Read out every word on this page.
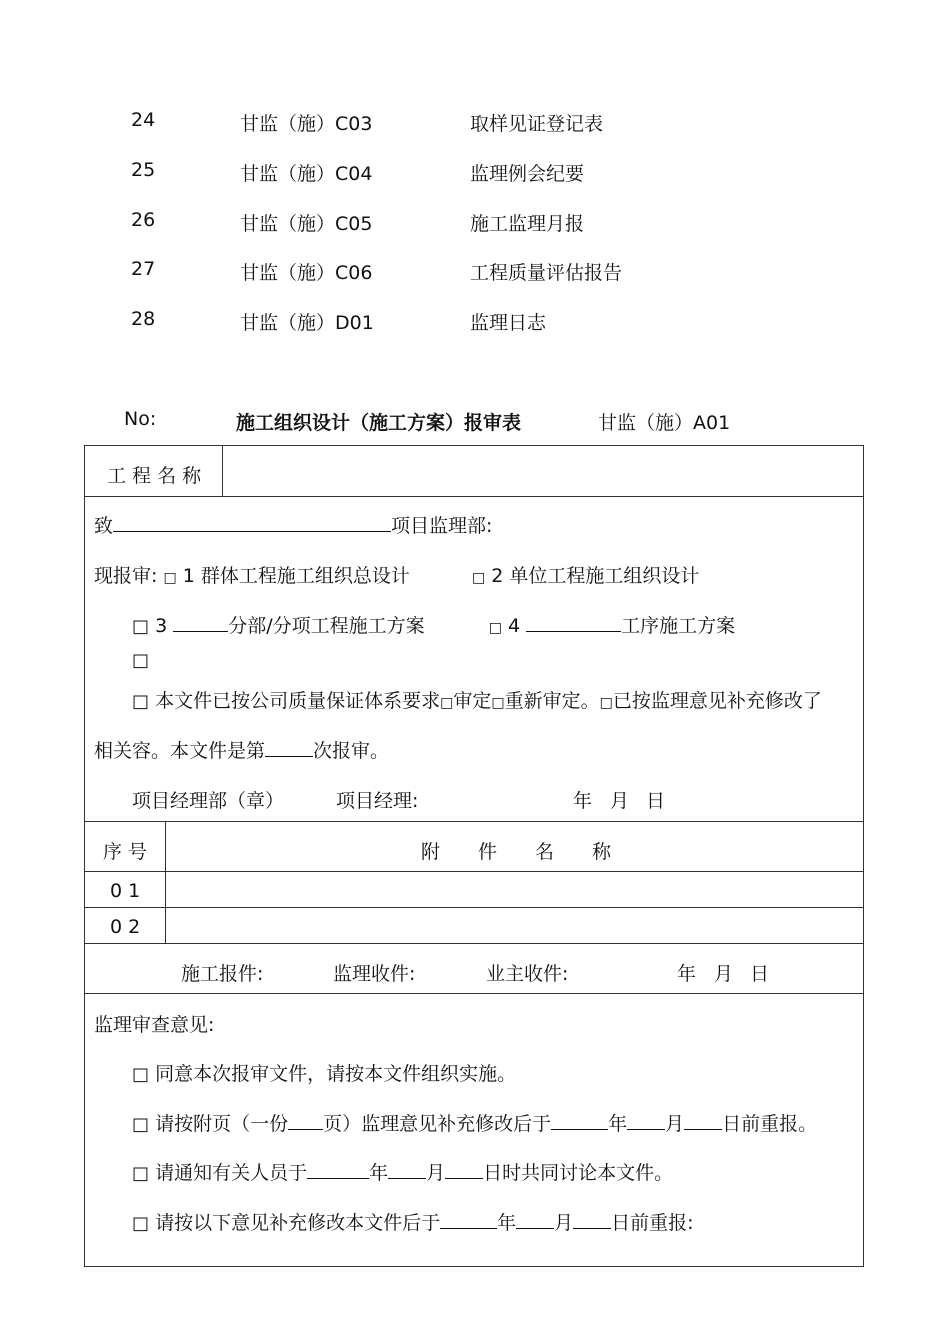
24	甘监（施）C03	取样见证登记表
25	甘监（施）C04	监理例会纪要
26	甘监（施）C05	施工监理月报
27	甘监（施）C06	工程质量评估报告
28	甘监（施）D01	监理日志
No:	施工组织设计（施工方案）报审表	甘监（施）A01
工 程 名 称
致	项目监理部:
现报审: □ 1 群体工程施工组织总设计	□ 2 单位工程施工组织设计
□ 3	分部/分项工程施工方案	□ 4	工序施工方案
□
□ 本文件已按公司质量保证体系要求□审定□重新审定。□已按监理意见补充修改了
相关容。本文件是第	次报审。
项目经理部（章）	项目经理:	年 月 日
序 号	附　　件　　名　　称
0 1
0 2
施工报件:	监理收件:	业主收件:	年 月 日
监理审查意见:
□ 同意本次报审文件，请按本文件组织实施。
□ 请按附页（一份 页）监理意见补充修改后于	年 月 日前重报。
□ 请通知有关人员于	年 月 日时共同讨论本文件。
□ 请按以下意见补充修改本文件后于	年 月 日前重报:
